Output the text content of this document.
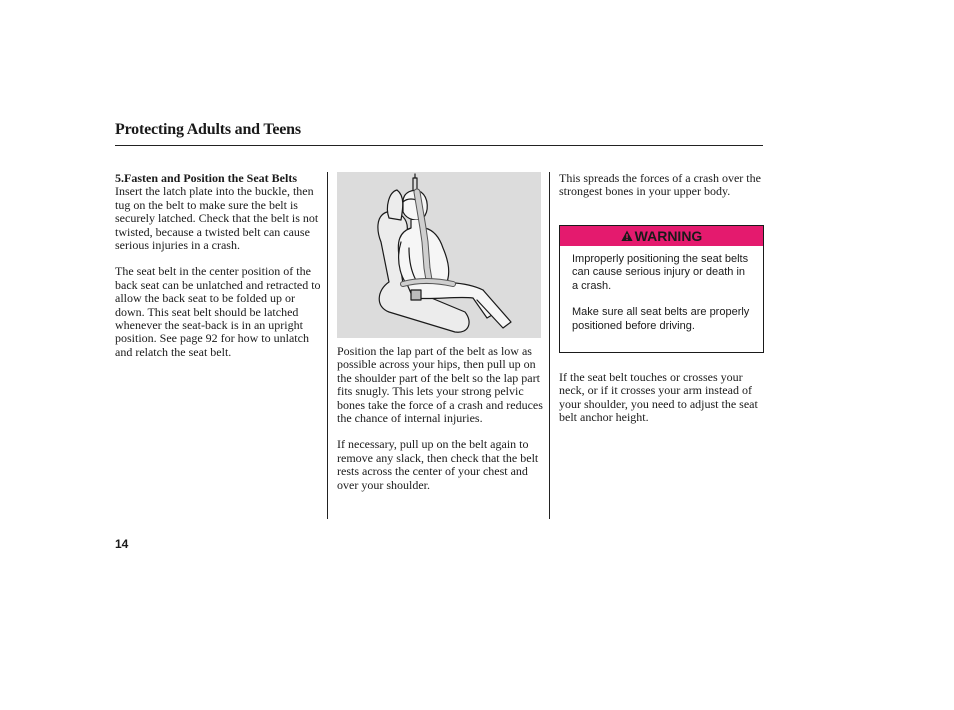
Protecting Adults and Teens
5. Fasten and Position the Seat Belts

Insert the latch plate into the buckle, then tug on the belt to make sure the belt is securely latched. Check that the belt is not twisted, because a twisted belt can cause serious injuries in a crash.

The seat belt in the center position of the back seat can be unlatched and retracted to allow the back seat to be folded up or down. This seat belt should be latched whenever the seat-back is in an upright position. See page 92 for how to unlatch and relatch the seat belt.	Position the lap part of the belt as low as possible across your hips, then pull up on the shoulder part of the belt so the lap part fits snugly. This lets your strong pelvic bones take the force of a crash and reduces the chance of internal injuries.

If necessary, pull up on the belt again to remove any slack, then check that the belt rests across the center of your chest and over your shoulder.

This spreads the forces of a crash over the strongest bones in your upper body.

WARNING

Improperly positioning the seat belts can cause serious injury or death in a crash.

Make sure all seat belts are properly positioned before driving.

If the seat belt touches or crosses your neck, or if it crosses your arm instead of your shoulder, you need to adjust the seat belt anchor height.

14
